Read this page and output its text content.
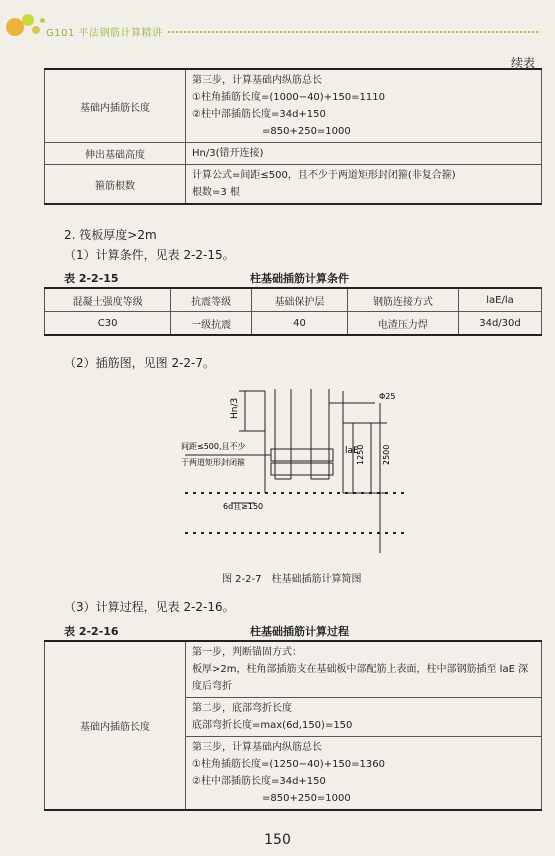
G101 平法钢筋计算精讲
续表
基础内插筋长度	第三步，计算基础内纵筋总长
①柱角插筋长度=(1000−40)+150=1110
②柱中部插筋长度=34d+150
　　　　　　　=850+250=1000

伸出基础高度	Hn/3(错开连接)
箍筋根数	计算公式=间距≤500，且不少于两道矩形封闭箍(非复合箍)
根数=3 根
2. 筏板厚度>2m
（1）计算条件，见表 2-2-15。
表 2-2-15	柱基础插筋计算条件
混凝土强度等级	抗震等级	基础保护层	钢筋连接方式	laE/la
C30	一级抗震	40	电渣压力焊	34d/30d
（2）插筋图，见图 2-2-7。
Hn/3
Φ25
laE
1250 2500
间距≤500,且不少
于两道矩形封闭箍
6d且≥150
图 2-2-7　柱基础插筋计算简图
（3）计算过程，见表 2-2-16。
表 2-2-16	柱基础插筋计算过程
基础内插筋长度	
第一步，判断锚固方式：
板厚>2m，柱角部插筋支在基础板中部配筋上表面，柱中部钢筋插至 laE 深度后弯折

第二步，底部弯折长度
底部弯折长度=max(6d,150)=150

第三步，计算基础内纵筋总长
①柱角插筋长度=(1250−40)+150=1360
②柱中部插筋长度=34d+150
　　　　　　　=850+250=1000
150
